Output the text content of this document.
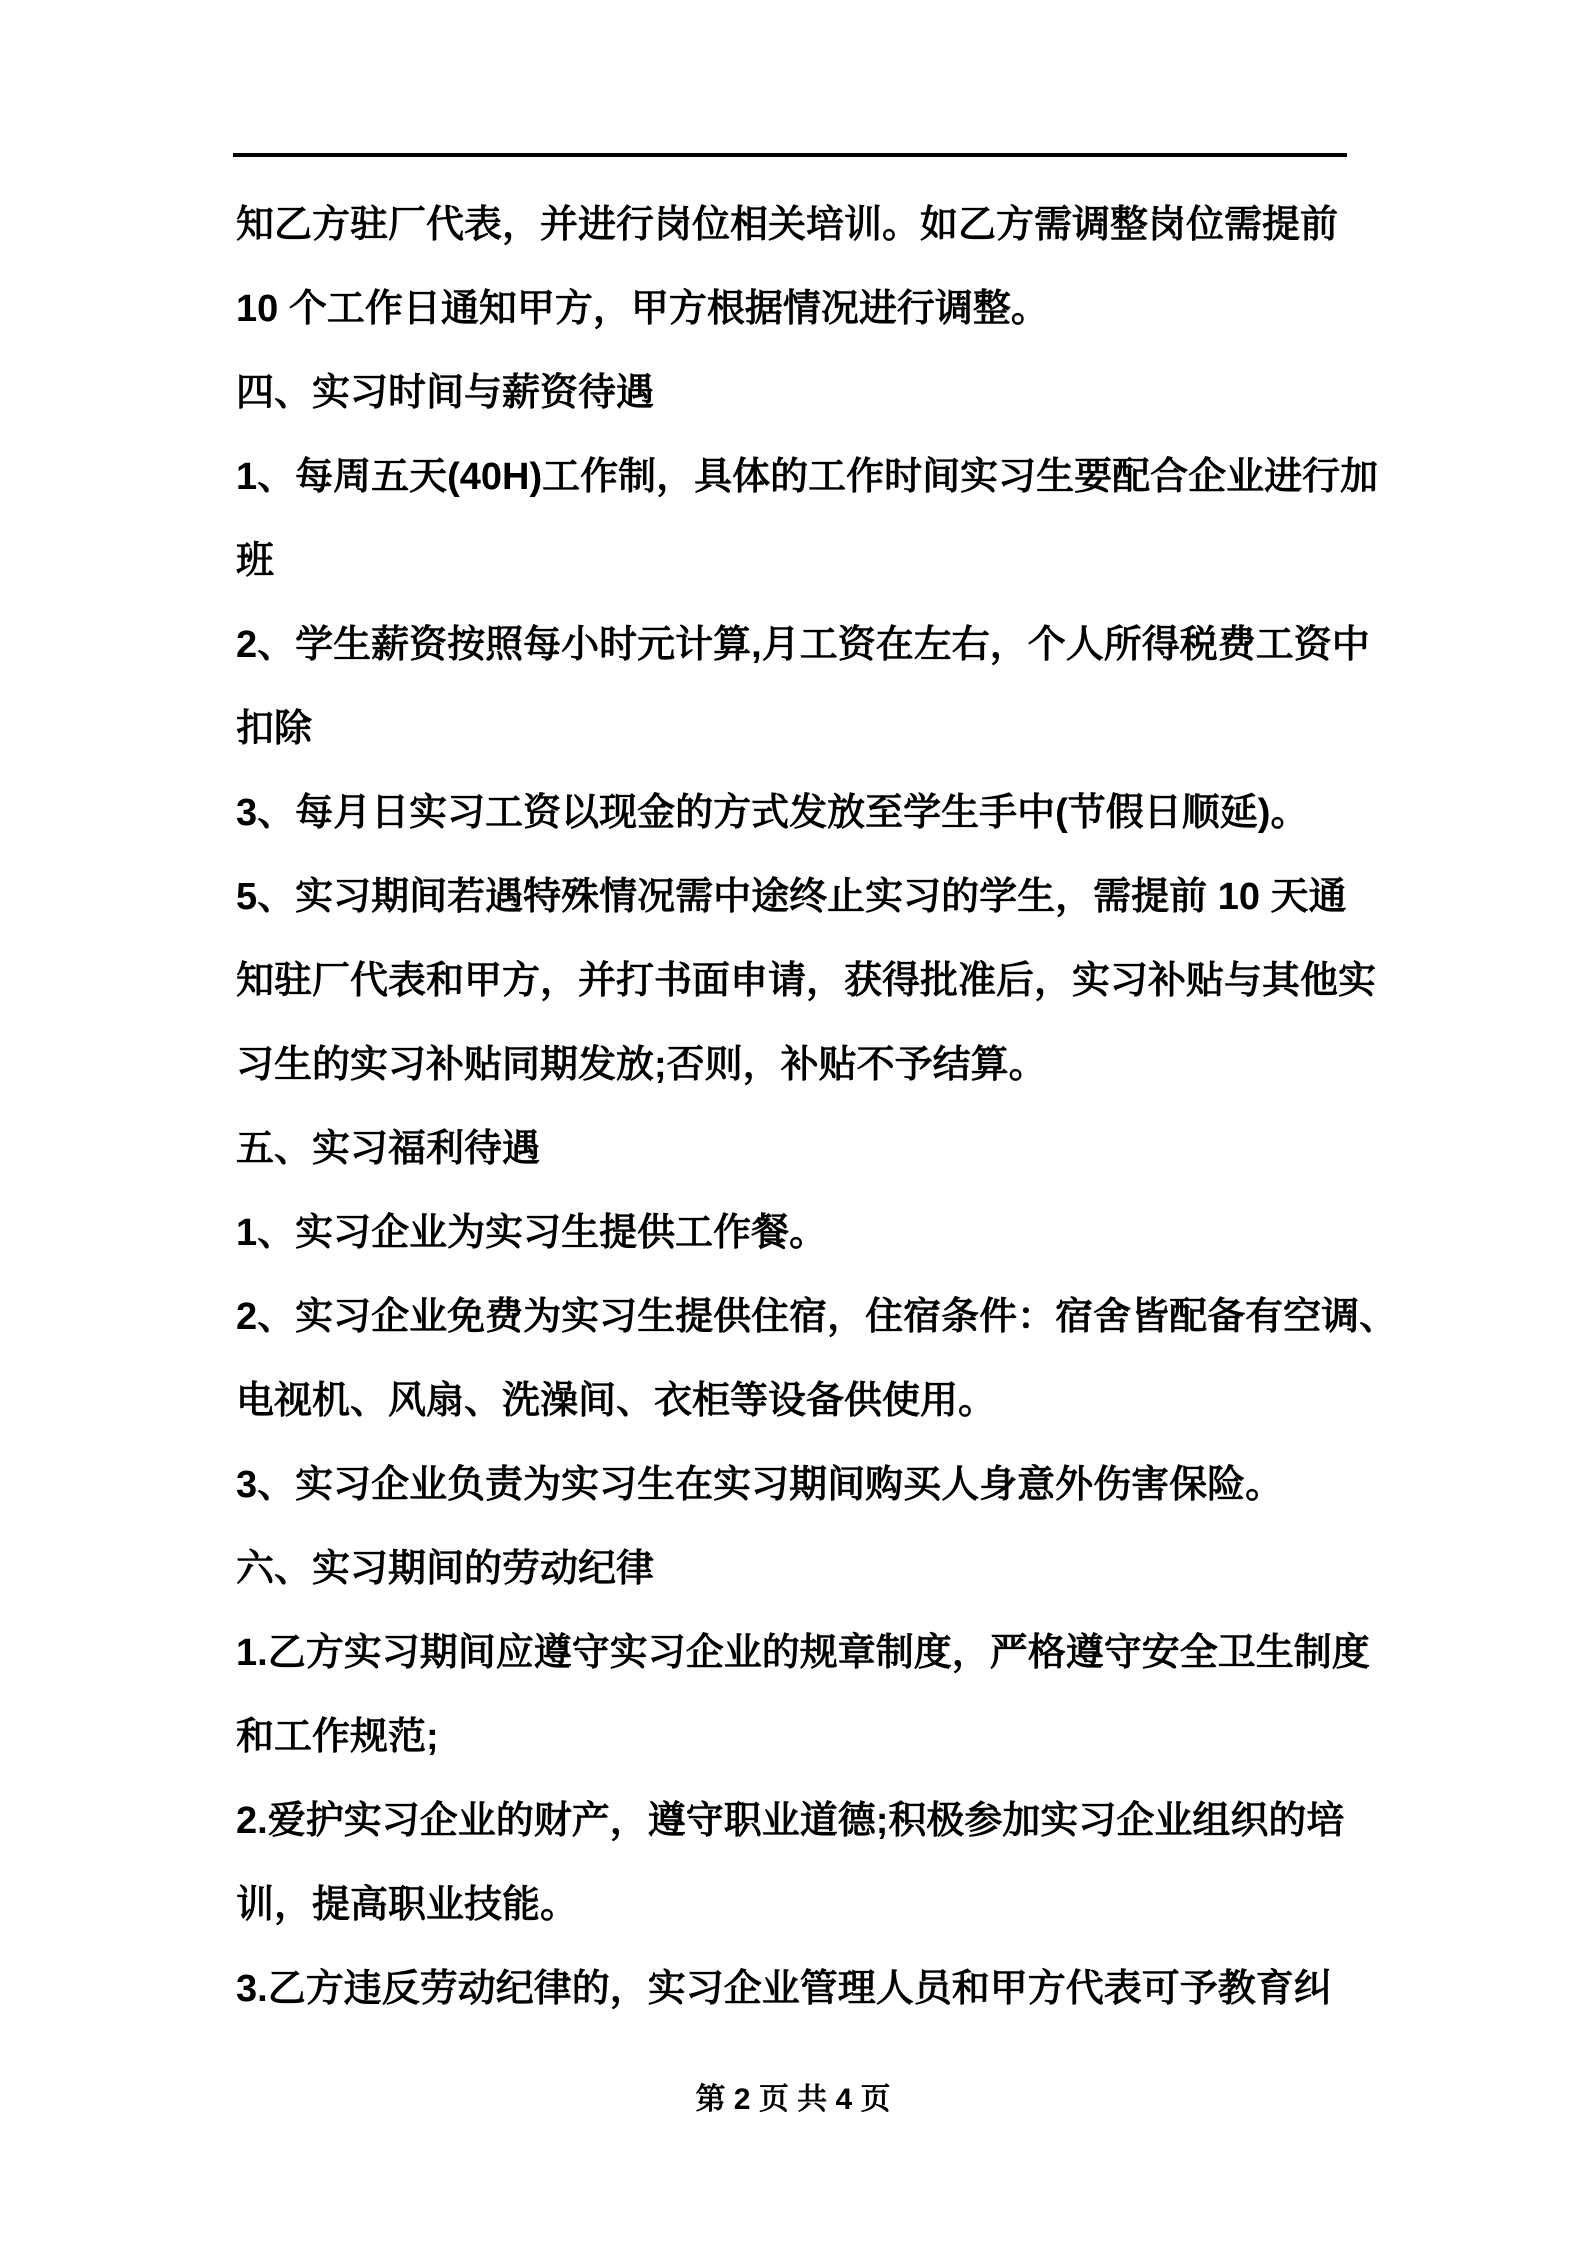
知乙方驻厂代表，并进行岗位相关培训。如乙方需调整岗位需提前
10 个工作日通知甲方，甲方根据情况进行调整。
四、实习时间与薪资待遇
1、每周五天(40H)工作制，具体的工作时间实习生要配合企业进行加
班
2、学生薪资按照每小时元计算,月工资在左右，个人所得税费工资中
扣除
3、每月日实习工资以现金的方式发放至学生手中(节假日顺延)。
5、实习期间若遇特殊情况需中途终止实习的学生，需提前 10 天通
知驻厂代表和甲方，并打书面申请，获得批准后，实习补贴与其他实
习生的实习补贴同期发放;否则，补贴不予结算。
五、实习福利待遇
1、实习企业为实习生提供工作餐。
2、实习企业免费为实习生提供住宿，住宿条件：宿舍皆配备有空调、
电视机、风扇、洗澡间、衣柜等设备供使用。
3、实习企业负责为实习生在实习期间购买人身意外伤害保险。
六、实习期间的劳动纪律
1.乙方实习期间应遵守实习企业的规章制度，严格遵守安全卫生制度
和工作规范;
2.爱护实习企业的财产，遵守职业道德;积极参加实习企业组织的培
训，提高职业技能。
3.乙方违反劳动纪律的，实习企业管理人员和甲方代表可予教育纠
第 2 页 共 4 页
